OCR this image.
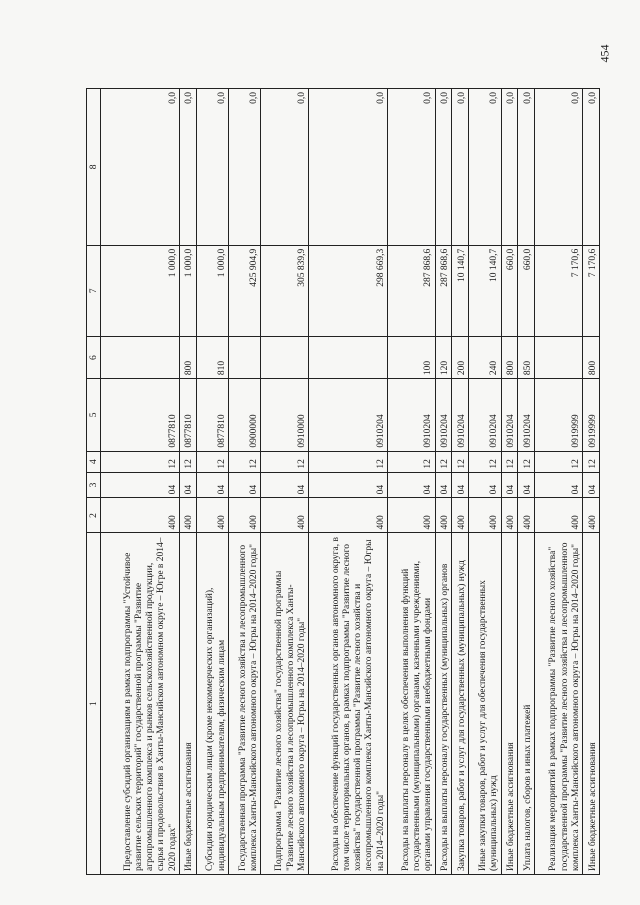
454
1	2	3	4	5	6	7	8
Предоставление субсидий организациям в рамках подпрограммы "Устойчивое развитие сельских территорий" государственной программы "Развитие агропромышленного комплекса и рынков сельскохозяйственной продукции, сырья и продовольствия в Ханты-Мансийском автономном округе – Югре в 2014–2020 годах"	400	04	12	0877810		1 000,0	0,0
Иные бюджетные ассигнования	400	04	12	0877810	800	1 000,0	0,0
Субсидии юридическим лицам (кроме некоммерческих организаций), индивидуальным предпринимателям, физическим лицам	400	04	12	0877810	810	1 000,0	0,0
Государственная программа "Развитие лесного хозяйства и лесопромышленного комплекса Ханты-Мансийского автономного округа – Югры на 2014–2020 годы"	400	04	12	0900000		425 904,9	0,0
Подпрограмма "Развитие лесного хозяйства" государственной программы "Развитие лесного хозяйства и лесопромышленного комплекса Ханты-Мансийского автономного округа – Югры на 2014–2020 годы"	400	04	12	0910000		305 839,9	0,0
Расходы на обеспечение функций государственных органов автономного округа, в том числе территориальных органов, в рамках подпрограммы "Развитие лесного хозяйства" государственной программы "Развитие лесного хозяйства и лесопромышленного комплекса Ханты-Мансийского автономного округа – Югры на 2014–2020 годы"	400	04	12	0910204		298 669,3	0,0
Расходы на выплаты персоналу в целях обеспечения выполнения функций государственными (муниципальными) органами, казенными учреждениями, органами управления государственными внебюджетными фондами	400	04	12	0910204	100	287 868,6	0,0
Расходы на выплаты персоналу государственных (муниципальных) органов	400	04	12	0910204	120	287 868,6	0,0
Закупка товаров, работ и услуг для государственных (муниципальных) нужд	400	04	12	0910204	200	10 140,7	0,0
Иные закупки товаров, работ и услуг для обеспечения государственных (муниципальных) нужд	400	04	12	0910204	240	10 140,7	0,0
Иные бюджетные ассигнования	400	04	12	0910204	800	660,0	0,0
Уплата налогов, сборов и иных платежей	400	04	12	0910204	850	660,0	0,0
Реализация мероприятий в рамках подпрограммы "Развитие лесного хозяйства" государственной программы "Развитие лесного хозяйства и лесопромышленного комплекса Ханты-Мансийского автономного округа – Югры на 2014–2020 годы"	400	04	12	0919999		7 170,6	0,0
Иные бюджетные ассигнования	400	04	12	0919999	800	7 170,6	0,0
